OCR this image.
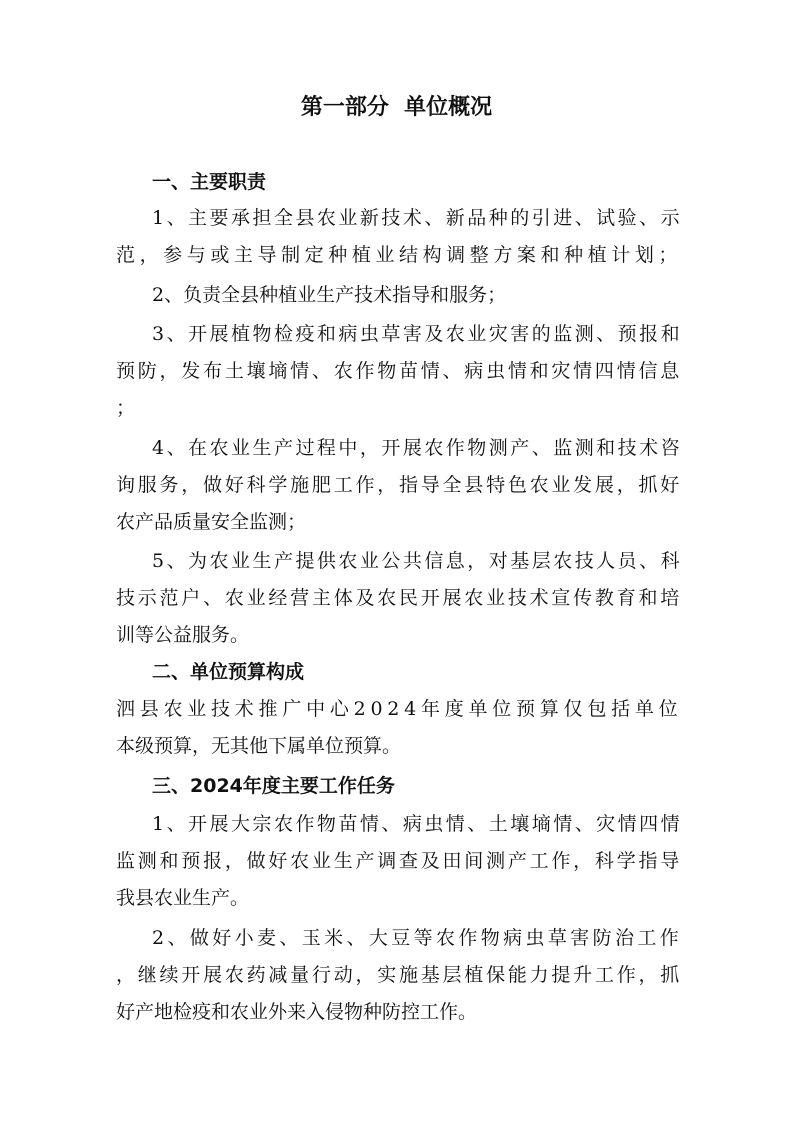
第一部分  单位概况
一、主要职责
1、主要承担全县农业新技术、新品种的引进、试验、示
范，参与或主导制定种植业结构调整方案和种植计划；
2、负责全县种植业生产技术指导和服务；
3、开展植物检疫和病虫草害及农业灾害的监测、预报和
预防，发布土壤墒情、农作物苗情、病虫情和灾情四情信息
；
4、在农业生产过程中，开展农作物测产、监测和技术咨
询服务，做好科学施肥工作，指导全县特色农业发展，抓好
农产品质量安全监测；
5、为农业生产提供农业公共信息，对基层农技人员、科
技示范户、农业经营主体及农民开展农业技术宣传教育和培
训等公益服务。
二、单位预算构成
泗县农业技术推广中心2024年度单位预算仅包括单位
本级预算，无其他下属单位预算。
三、2024年度主要工作任务
1、开展大宗农作物苗情、病虫情、土壤墒情、灾情四情
监测和预报，做好农业生产调查及田间测产工作，科学指导
我县农业生产。
2、做好小麦、玉米、大豆等农作物病虫草害防治工作
，继续开展农药减量行动，实施基层植保能力提升工作，抓
好产地检疫和农业外来入侵物种防控工作。
